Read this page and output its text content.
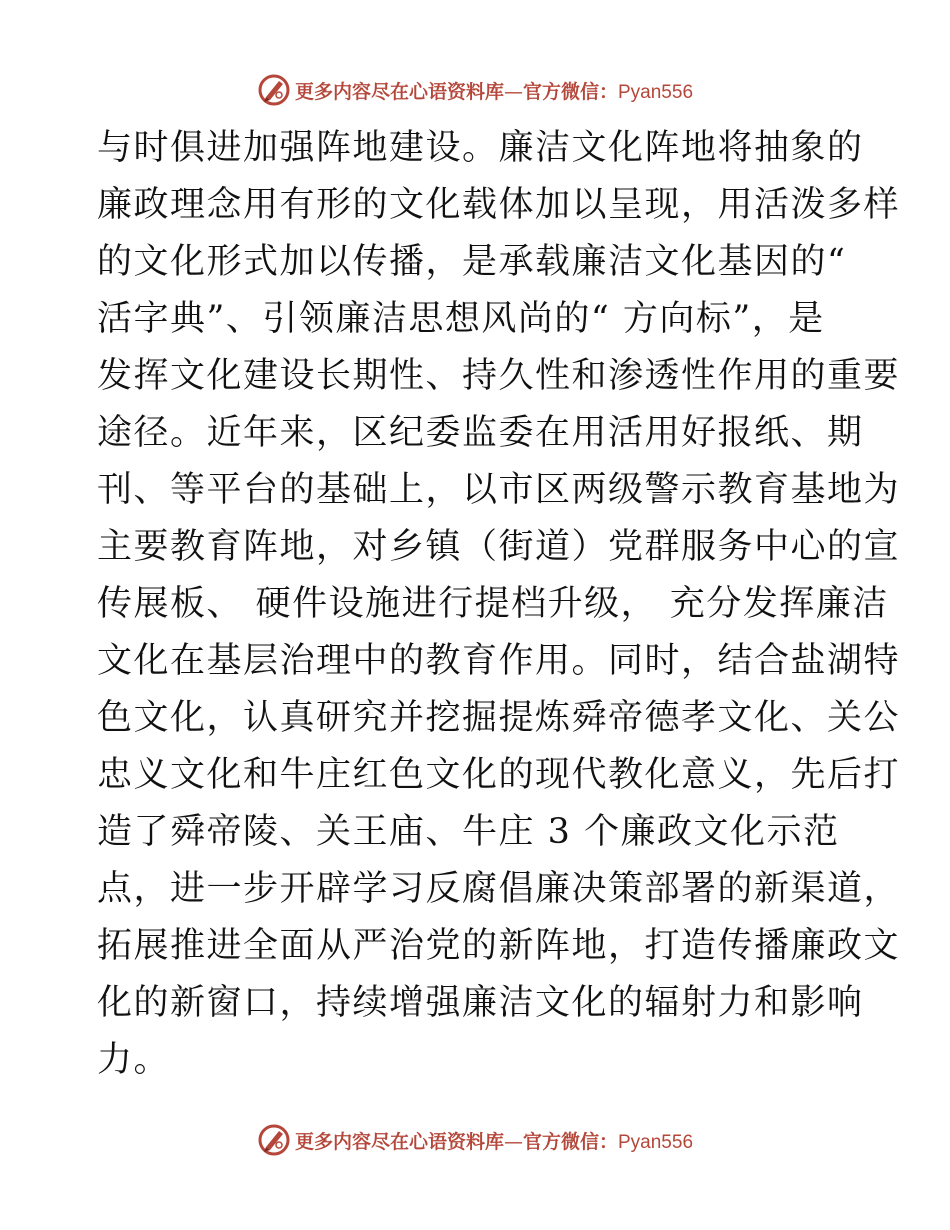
更多内容尽在心语资料库—官方微信：Pyan556
与时俱进加强阵地建设。廉洁文化阵地将抽象的
廉政理念用有形的文化载体加以呈现，用活泼多样
的文化形式加以传播，是承载廉洁文化基因的“
活字典”、引领廉洁思想风尚的“ 方向标”，是
发挥文化建设长期性、持久性和渗透性作用的重要
途径。近年来，区纪委监委在用活用好报纸、期
刊、等平台的基础上，以市区两级警示教育基地为
主要教育阵地，对乡镇（街道）党群服务中心的宣
传展板、 硬件设施进行提档升级， 充分发挥廉洁
文化在基层治理中的教育作用。同时，结合盐湖特
色文化，认真研究并挖掘提炼舜帝德孝文化、关公
忠义文化和牛庄红色文化的现代教化意义，先后打
造了舜帝陵、关王庙、牛庄 3 个廉政文化示范
点，进一步开辟学习反腐倡廉决策部署的新渠道，
拓展推进全面从严治党的新阵地，打造传播廉政文
化的新窗口，持续增强廉洁文化的辐射力和影响
力。
更多内容尽在心语资料库—官方微信：Pyan556
